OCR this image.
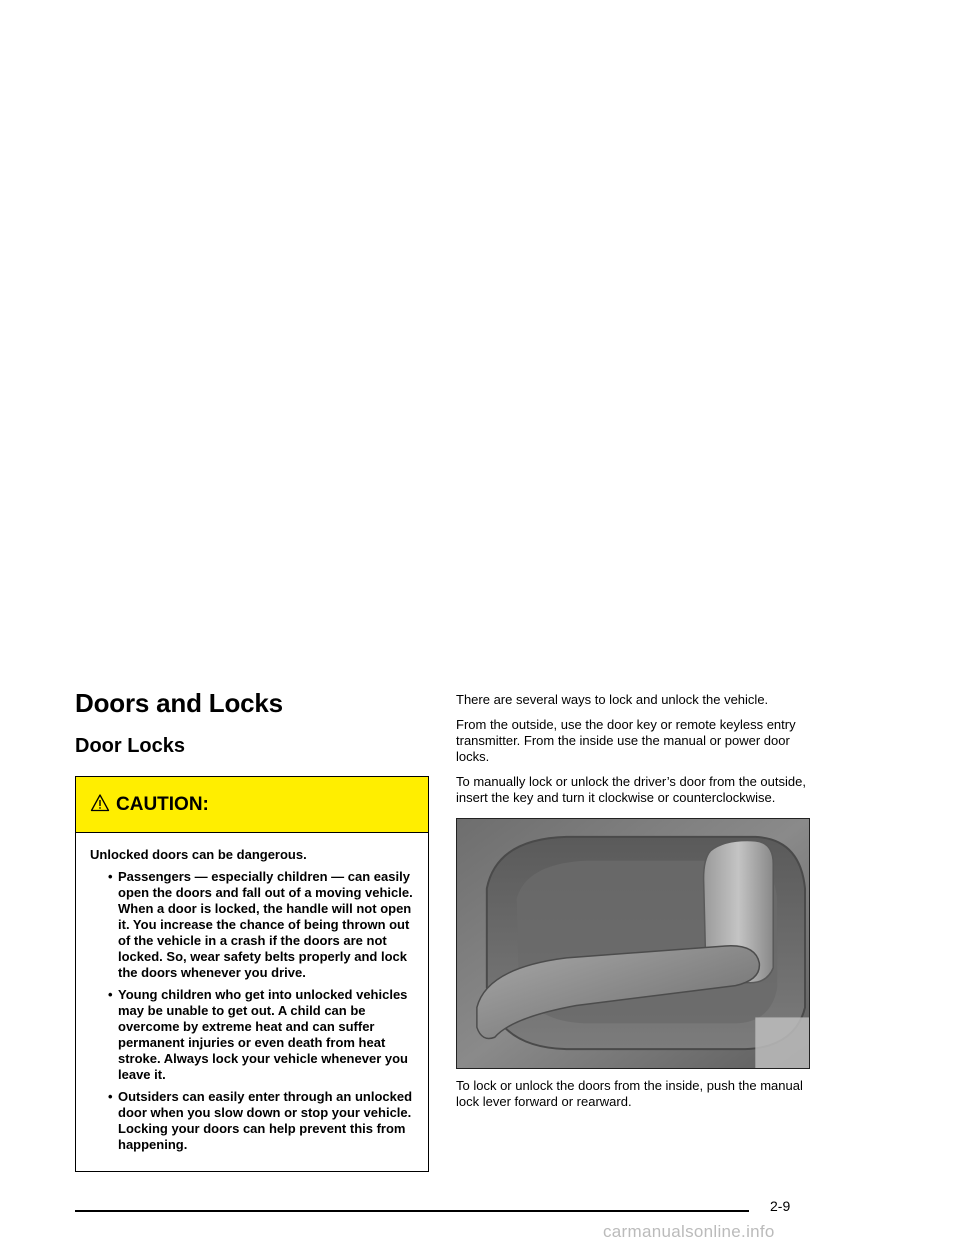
Doors and Locks
Door Locks
CAUTION:

Unlocked doors can be dangerous.

• Passengers — especially children — can easily open the doors and fall out of a moving vehicle. When a door is locked, the handle will not open it. You increase the chance of being thrown out of the vehicle in a crash if the doors are not locked. So, wear safety belts properly and lock the doors whenever you drive.
• Young children who get into unlocked vehicles may be unable to get out. A child can be overcome by extreme heat and can suffer permanent injuries or even death from heat stroke. Always lock your vehicle whenever you leave it.
• Outsiders can easily enter through an unlocked door when you slow down or stop your vehicle. Locking your doors can help prevent this from happening.

There are several ways to lock and unlock the vehicle.

From the outside, use the door key or remote keyless entry transmitter. From the inside use the manual or power door locks.

To manually lock or unlock the driver’s door from the outside, insert the key and turn it clockwise or counterclockwise.

To lock or unlock the doors from the inside, push the manual lock lever forward or rearward.

2-9
carmanualsonline.info
